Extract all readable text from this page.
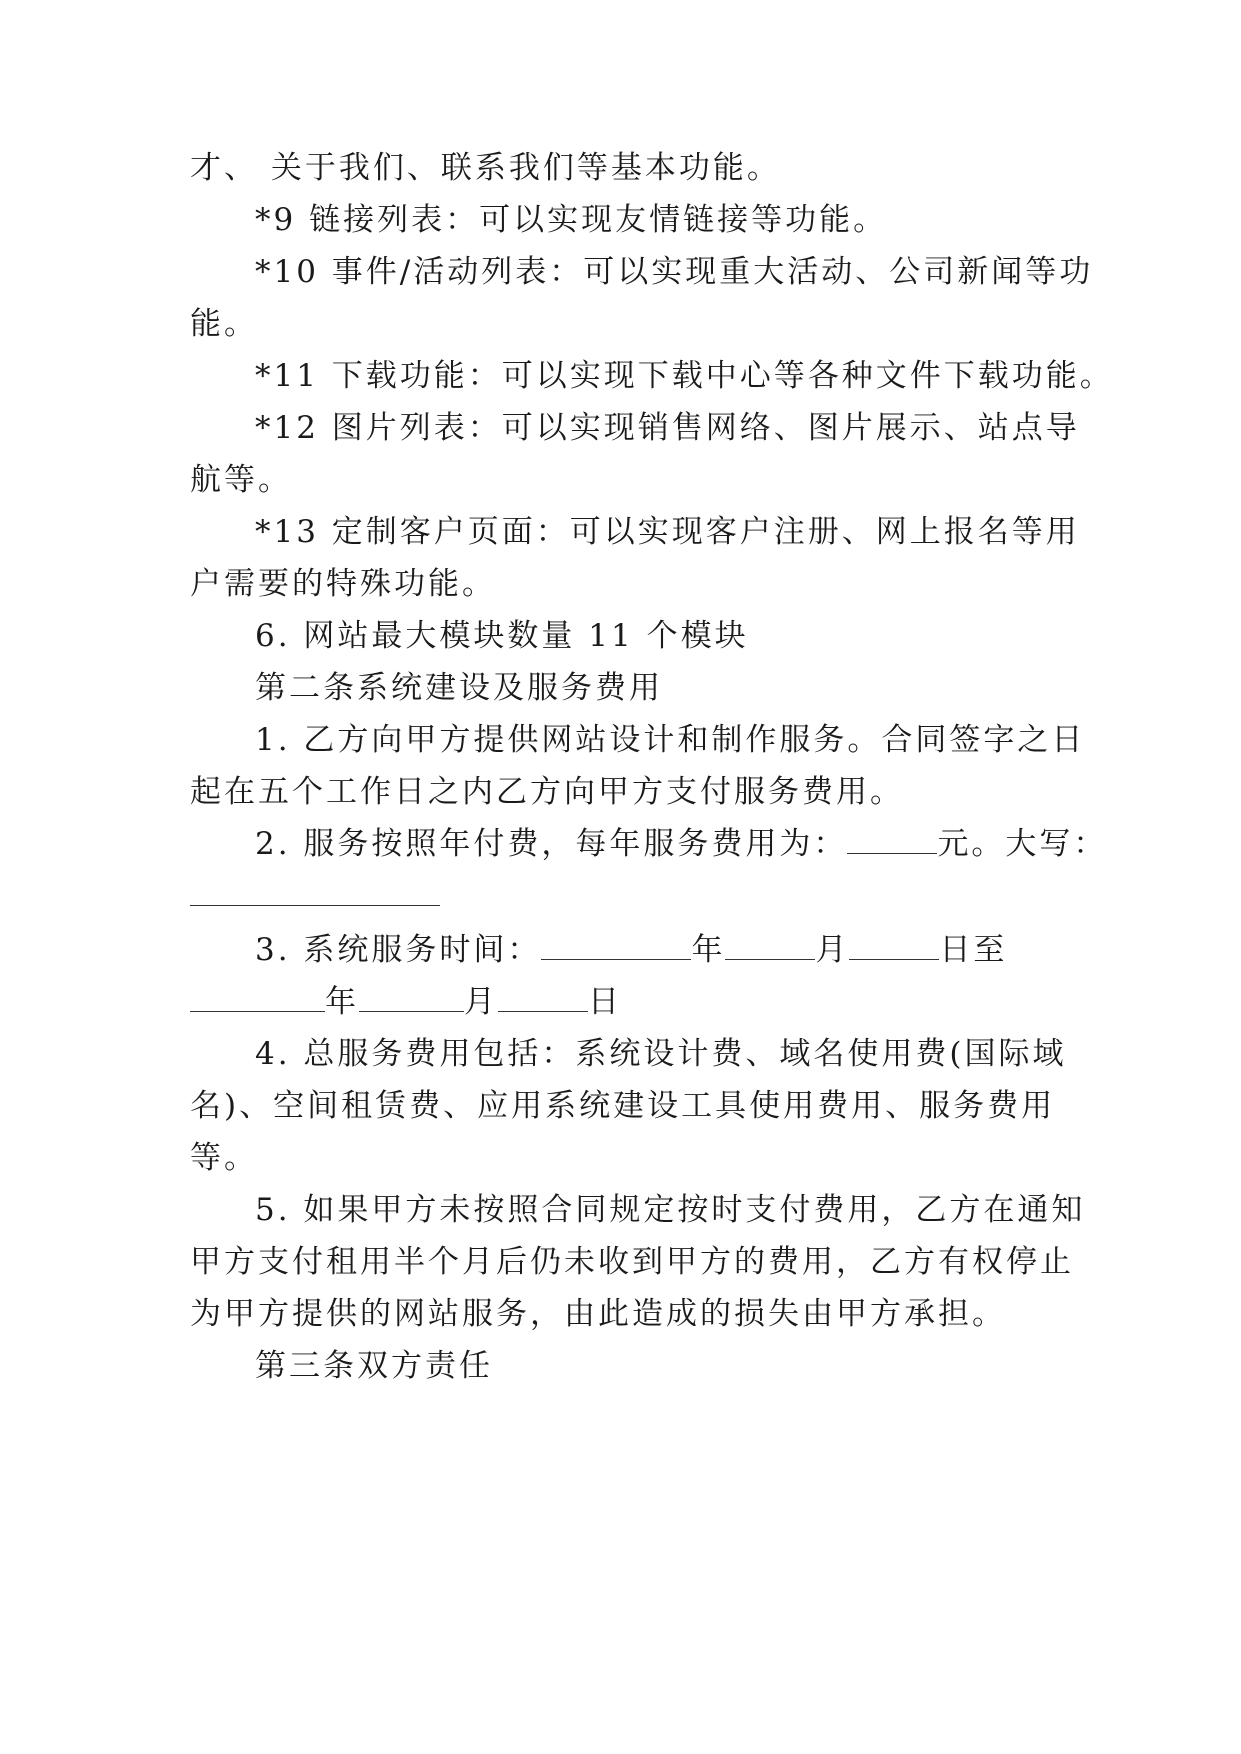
才、 关于我们、联系我们等基本功能。
*9 链接列表：可以实现友情链接等功能。
*10 事件/活动列表：可以实现重大活动、公司新闻等功
能。
*11 下载功能：可以实现下载中心等各种文件下载功能。
*12 图片列表：可以实现销售网络、图片展示、站点导
航等。
*13 定制客户页面：可以实现客户注册、网上报名等用
户需要的特殊功能。
6. 网站最大模块数量 11 个模块
第二条系统建设及服务费用
1. 乙方向甲方提供网站设计和制作服务。合同签字之日
起在五个工作日之内乙方向甲方支付服务费用。
2. 服务按照年付费，每年服务费用为：	元。大写：
3. 系统服务时间：	年	月	日至
年	月	日
4. 总服务费用包括：系统设计费、域名使用费(国际域
名)、空间租赁费、应用系统建设工具使用费用、服务费用
等。
5. 如果甲方未按照合同规定按时支付费用，乙方在通知
甲方支付租用半个月后仍未收到甲方的费用，乙方有权停止
为甲方提供的网站服务，由此造成的损失由甲方承担。
第三条双方责任
